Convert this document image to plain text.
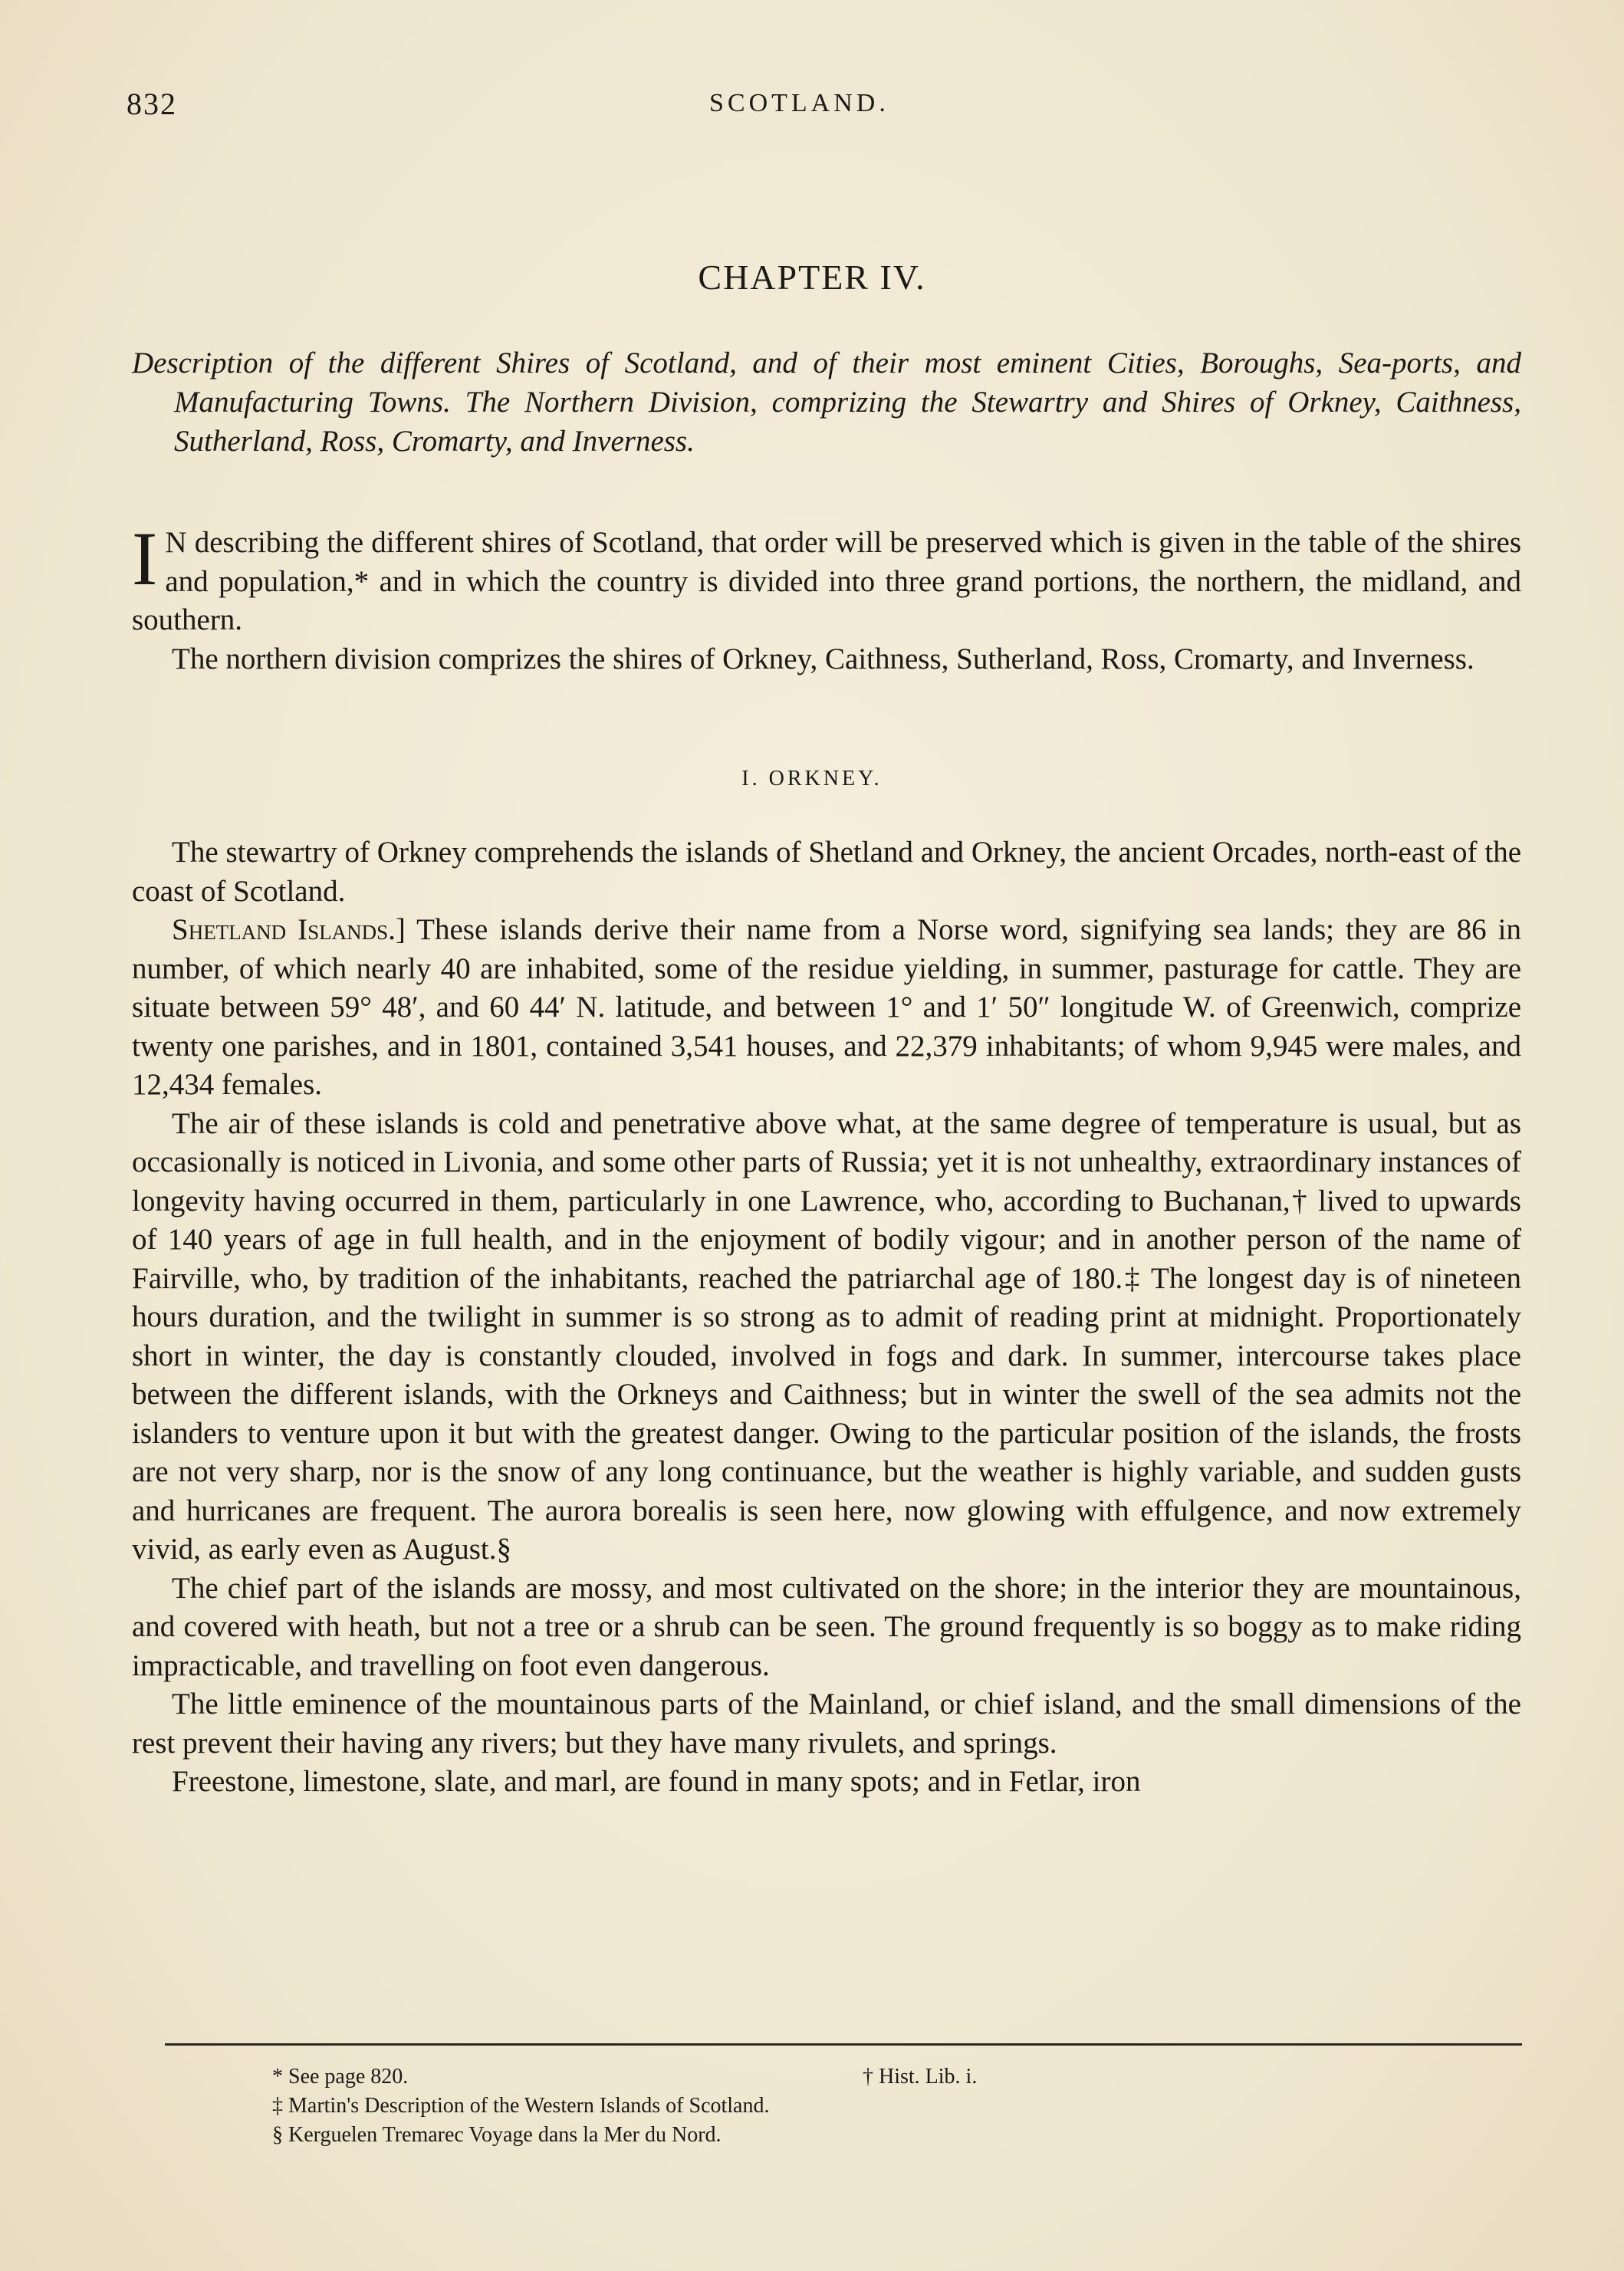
832	SCOTLAND.
CHAPTER IV.
Description of the different Shires of Scotland, and of their most eminent Cities, Boroughs, Sea-ports, and Manufacturing Towns. The Northern Division, comprizing the Stewartry and Shires of Orkney, Caithness, Sutherland, Ross, Cromarty, and Inverness.

I N describing the different shires of Scotland, that order will be preserved which is given in the table of the shires and population,* and in which the country is divided into three grand portions, the northern, the midland, and southern.

The northern division comprizes the shires of Orkney, Caithness, Sutherland, Ross, Cromarty, and Inverness.

I. ORKNEY.

The stewartry of Orkney comprehends the islands of Shetland and Orkney, the ancient Orcades, north-east of the coast of Scotland.

Shetland Islands.] These islands derive their name from a Norse word, signifying sea lands; they are 86 in number, of which nearly 40 are inhabited, some of the residue yielding, in summer, pasturage for cattle. They are situate between 59° 48′, and 60 44′ N. latitude, and between 1° and 1′ 50″ longitude W. of Greenwich, comprize twenty one parishes, and in 1801, contained 3,541 houses, and 22,379 inhabitants; of whom 9,945 were males, and 12,434 females.

The air of these islands is cold and penetrative above what, at the same degree of temperature is usual, but as occasionally is noticed in Livonia, and some other parts of Russia; yet it is not unhealthy, extraordinary instances of longevity having occurred in them, particularly in one Lawrence, who, according to Buchanan,† lived to upwards of 140 years of age in full health, and in the enjoyment of bodily vigour; and in another person of the name of Fairville, who, by tradition of the inhabitants, reached the patriarchal age of 180.‡ The longest day is of nineteen hours duration, and the twilight in summer is so strong as to admit of reading print at midnight. Proportionately short in winter, the day is constantly clouded, involved in fogs and dark. In summer, intercourse takes place between the different islands, with the Orkneys and Caithness; but in winter the swell of the sea admits not the islanders to venture upon it but with the greatest danger. Owing to the particular position of the islands, the frosts are not very sharp, nor is the snow of any long continuance, but the weather is highly variable, and sudden gusts and hurricanes are frequent. The aurora borealis is seen here, now glowing with effulgence, and now extremely vivid, as early even as August.§

The chief part of the islands are mossy, and most cultivated on the shore; in the interior they are mountainous, and covered with heath, but not a tree or a shrub can be seen. The ground frequently is so boggy as to make riding impracticable, and travelling on foot even dangerous.

The little eminence of the mountainous parts of the Mainland, or chief island, and the small dimensions of the rest prevent their having any rivers; but they have many rivulets, and springs.

Freestone, limestone, slate, and marl, are found in many spots; and in Fetlar, iron

* See page 820.	† Hist. Lib. i.
‡ Martin's Description of the Western Islands of Scotland.
§ Kerguelen Tremarec Voyage dans la Mer du Nord.
